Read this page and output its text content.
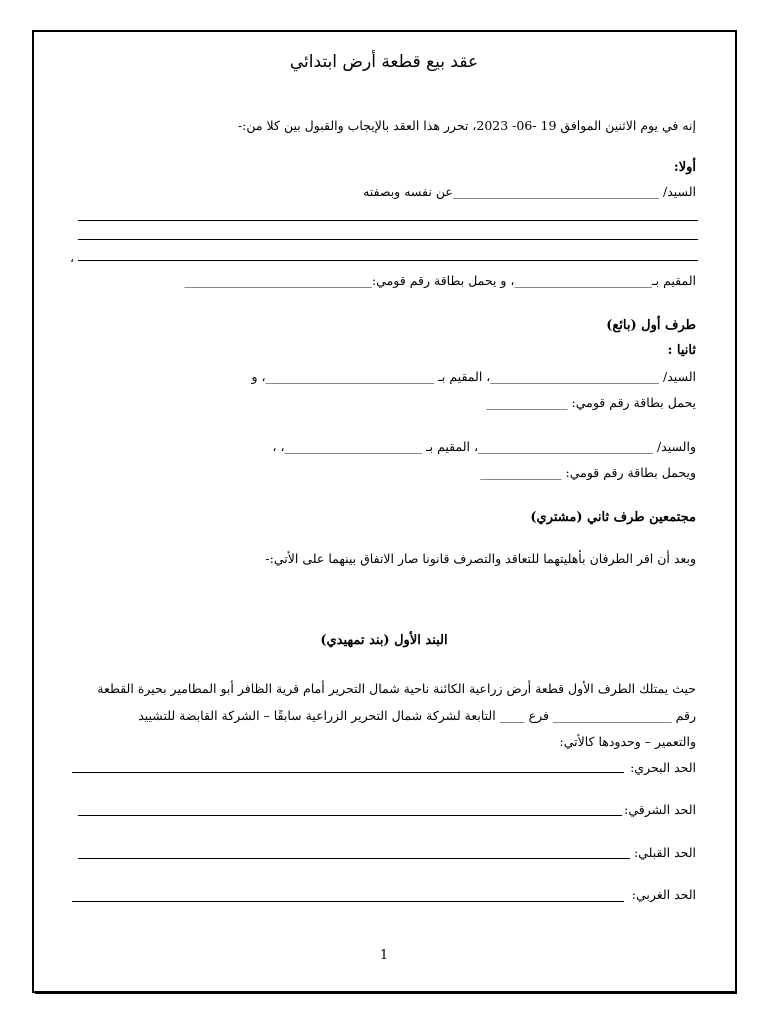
عقد بيع قطعة أرض ابتدائي
إنه في يوم الاثنين الموافق 19 -06- 2023، تحرر هذا العقد بالإيجاب والقبول بين كلا من:-
أولا:
السيد/ _________________________________عن نفسه وبصفته
،
المقيم بـ______________________، و يحمل بطاقة رقم قومي:______________________________
طرف أول (بائع)
ثانيا :
السيد/ ___________________________، المقيم بـ ___________________________، و
يحمل بطاقة رقم قومي: _____________
والسيد/ ____________________________، المقيم بـ ______________________، ،
ويحمل بطاقة رقم قومي: _____________
مجتمعين طرف ثاني (مشتري)
وبعد أن اقر الطرفان بأهليتهما للتعاقد والتصرف قانونا صار الاتفاق بينهما على الأتي:-
البند الأول (بند تمهيدي)
حيث يمتلك الطرف الأول قطعة أرض زراعية الكائنة ناحية شمال التحرير أمام قرية الظافر أبو المطامير بحيرة القطعة
رقم ___________________ فرع ____ التابعة لشركة شمال التحرير الزراعية سابقًا – الشركة القابضة للتشييد
والتعمير – وحدودها كالأتي:
الحد البحري:
الحد الشرقي:
الحد القبلي:
الحد الغربي:
1
